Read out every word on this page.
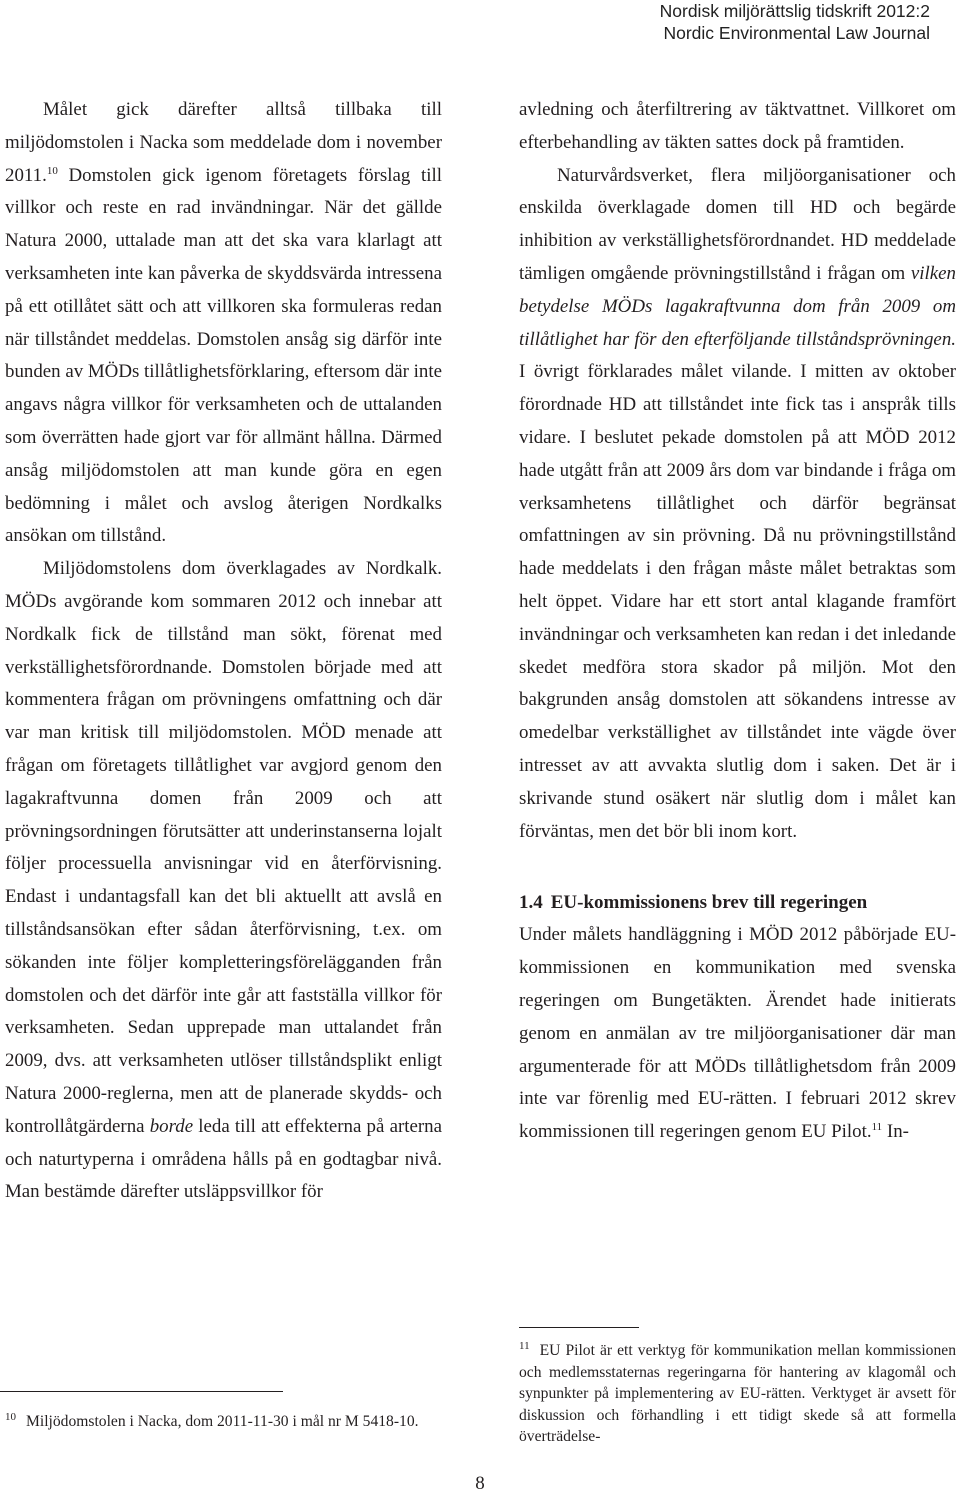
Nordisk miljörättslig tidskrift 2012:2
Nordic Environmental Law Journal

Målet gick därefter alltså tillbaka till miljödomstolen i Nacka som meddelade dom i november 2011.10 Domstolen gick igenom företagets förslag till villkor och reste en rad invändningar. När det gällde Natura 2000, uttalade man att det ska vara klarlagt att verksamheten inte kan påverka de skyddsvärda intressena på ett otillåtet sätt och att villkoren ska formuleras redan när tillståndet meddelas. Domstolen ansåg sig därför inte bunden av MÖDs tillåtlighetsförklaring, eftersom där inte angavs några villkor för verksamheten och de uttalanden som överrätten hade gjort var för allmänt hållna. Därmed ansåg miljödomstolen att man kunde göra en egen bedömning i målet och avslog återigen Nordkalks ansökan om tillstånd.

Miljödomstolens dom överklagades av Nordkalk. MÖDs avgörande kom sommaren 2012 och innebar att Nordkalk fick de tillstånd man sökt, förenat med verkställighetsförordnande. Domstolen började med att kommentera frågan om prövningens omfattning och där var man kritisk till miljödomstolen. MÖD menade att frågan om företagets tillåtlighet var avgjord genom den lagakraftvunna domen från 2009 och att prövningsordningen förutsätter att underinstanserna lojalt följer processuella anvisningar vid en återförvisning. Endast i undantagsfall kan det bli aktuellt att avslå en tillståndsansökan efter sådan återförvisning, t.ex. om sökanden inte följer kompletteringsförelägganden från domstolen och det därför inte går att fastställa villkor för verksamheten. Sedan upprepade man uttalandet från 2009, dvs. att verksamheten utlöser tillståndsplikt enligt Natura 2000-reglerna, men att de planerade skydds- och kontrollåtgärderna borde leda till att effekterna på arterna och naturtyperna i områdena hålls på en godtagbar nivå. Man bestämde därefter utsläppsvillkor för

$^{10}$ Miljödomstolen i Nacka, dom 2011-11-30 i mål nr M 5418-10.

avledning och återfiltrering av täktvattnet. Villkoret om efterbehandling av täkten sattes dock på framtiden.

Naturvårdsverket, flera miljöorganisationer och enskilda överklagade domen till HD och begärde inhibition av verkställighetsförordnandet. HD meddelade tämligen omgående prövningstillstånd i frågan om vilken betydelse MÖDs lagakraftvunna dom från 2009 om tillåtlighet har för den efterföljande tillståndsprövningen. I övrigt förklarades målet vilande. I mitten av oktober förordnade HD att tillståndet inte fick tas i anspråk tills vidare. I beslutet pekade domstolen på att MÖD 2012 hade utgått från att 2009 års dom var bindande i fråga om verksamhetens tillåtlighet och därför begränsat omfattningen av sin prövning. Då nu prövningstillstånd hade meddelats i den frågan måste målet betraktas som helt öppet. Vidare har ett stort antal klagande framfört invändningar och verksamheten kan redan i det inledande skedet medföra stora skador på miljön. Mot den bakgrunden ansåg domstolen att sökandens intresse av omedelbar verkställighet av tillståndet inte vägde över intresset av att avvakta slutlig dom i saken. Det är i skrivande stund osäkert när slutlig dom i målet kan förväntas, men det bör bli inom kort.

1.4 EU-kommissionens brev till regeringen

Under målets handläggning i MÖD 2012 påbörjade EU-kommissionen en kommunikation med svenska regeringen om Bungetäkten. Ärendet hade initierats genom en anmälan av tre miljöorganisationer där man argumenterade för att MÖDs tillåtlighetsdom från 2009 inte var förenlig med EU-rätten. I februari 2012 skrev kommissionen till regeringen genom EU Pilot.$^{11}$ In-

$^{11}$ EU Pilot är ett verktyg för kommunikation mellan kommissionen och medlemsstaternas regeringarna för hantering av klagomål och synpunkter på implementering av EU-rätten. Verktyget är avsett för diskussion och förhandling i ett tidigt skede så att formella överträdelse-
8
